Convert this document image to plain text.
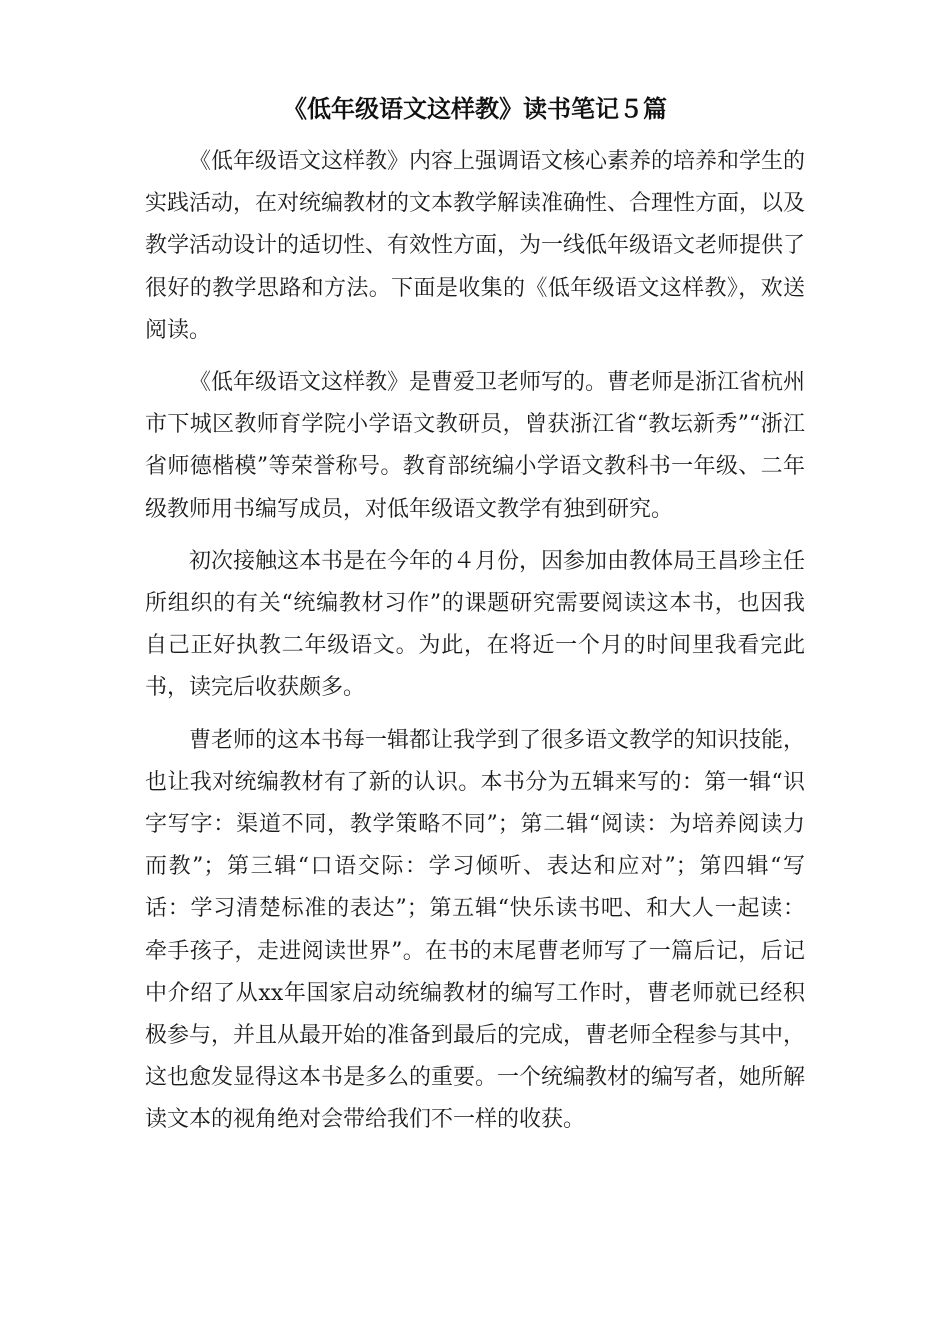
《低年级语文这样教》读书笔记５篇

《低年级语文这样教》内容上强调语文核心素养的培养和学生的实践活动，在对统编教材的文本教学解读准确性、合理性方面，以及教学活动设计的适切性、有效性方面，为一线低年级语文老师提供了很好的教学思路和方法。下面是收集的《低年级语文这样教》，欢送阅读。

《低年级语文这样教》是曹爱卫老师写的。曹老师是浙江省杭州市下城区教师育学院小学语文教研员，曾获浙江省“教坛新秀”“浙江省师德楷模”等荣誉称号。教育部统编小学语文教科书一年级、二年级教师用书编写成员，对低年级语文教学有独到研究。

初次接触这本书是在今年的４月份，因参加由教体局王昌珍主任所组织的有关“统编教材习作”的课题研究需要阅读这本书，也因我自己正好执教二年级语文。为此，在将近一个月的时间里我看完此书，读完后收获颇多。

曹老师的这本书每一辑都让我学到了很多语文教学的知识技能，也让我对统编教材有了新的认识。本书分为五辑来写的：第一辑“识字写字：渠道不同，教学策略不同”；第二辑“阅读：为培养阅读力而教”；第三辑“口语交际：学习倾听、表达和应对”；第四辑“写话：学习清楚标准的表达”；第五辑“快乐读书吧、和大人一起读：牵手孩子，走进阅读世界”。在书的末尾曹老师写了一篇后记，后记中介绍了从xx年国家启动统编教材的编写工作时，曹老师就已经积极参与，并且从最开始的准备到最后的完成，曹老师全程参与其中，这也愈发显得这本书是多么的重要。一个统编教材的编写者，她所解读文本的视角绝对会带给我们不一样的收获。
